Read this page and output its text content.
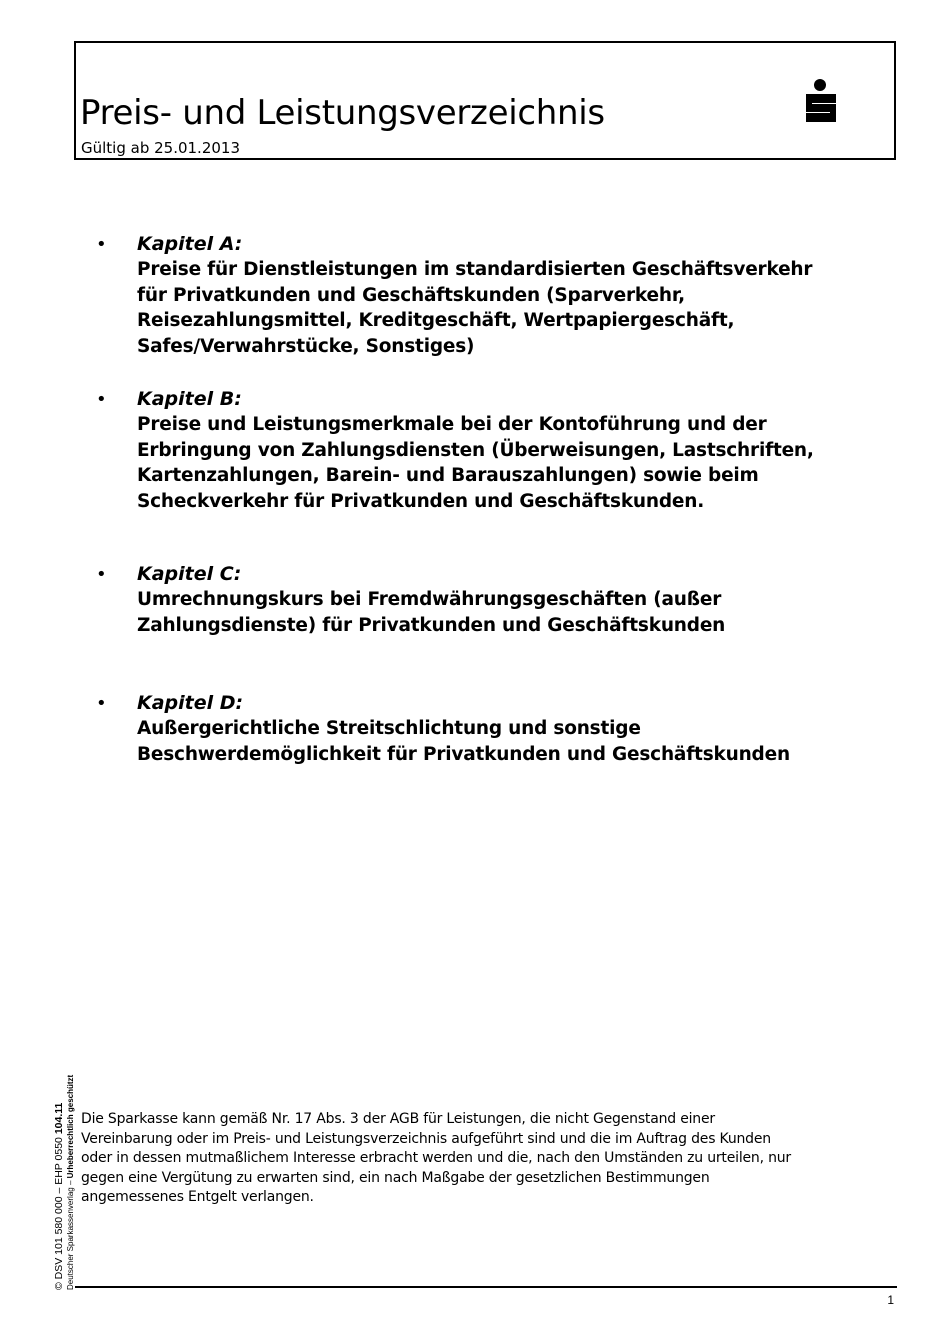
Preis- und Leistungsverzeichnis
Gültig ab 25.01.2013
• Kapitel A:
Preise für Dienstleistungen im standardisierten Geschäftsverkehr
für Privatkunden und Geschäftskunden (Sparverkehr,
Reisezahlungsmittel, Kreditgeschäft, Wertpapiergeschäft,
Safes/Verwahrstücke, Sonstiges)
• Kapitel B:
Preise und Leistungsmerkmale bei der Kontoführung und der
Erbringung von Zahlungsdiensten (Überweisungen, Lastschriften,
Kartenzahlungen, Barein- und Barauszahlungen) sowie beim
Scheckverkehr für Privatkunden und Geschäftskunden.
• Kapitel C:
Umrechnungskurs bei Fremdwährungsgeschäften (außer
Zahlungsdienste) für Privatkunden und Geschäftskunden
• Kapitel D:
Außergerichtliche Streitschlichtung und sonstige
Beschwerdemöglichkeit für Privatkunden und Geschäftskunden
Die Sparkasse kann gemäß Nr. 17 Abs. 3 der AGB für Leistungen, die nicht Gegenstand einer
Vereinbarung oder im Preis- und Leistungsverzeichnis aufgeführt sind und die im Auftrag des Kunden
oder in dessen mutmaßlichem Interesse erbracht werden und die, nach den Umständen zu urteilen, nur
gegen eine Vergütung zu erwarten sind, ein nach Maßgabe der gesetzlichen Bestimmungen
angemessenes Entgelt verlangen.
© DSV 101 580 000 – EHP 0550 104.11
Deutscher Sparkassenverlag – Urheberrechtlich geschützt
1
